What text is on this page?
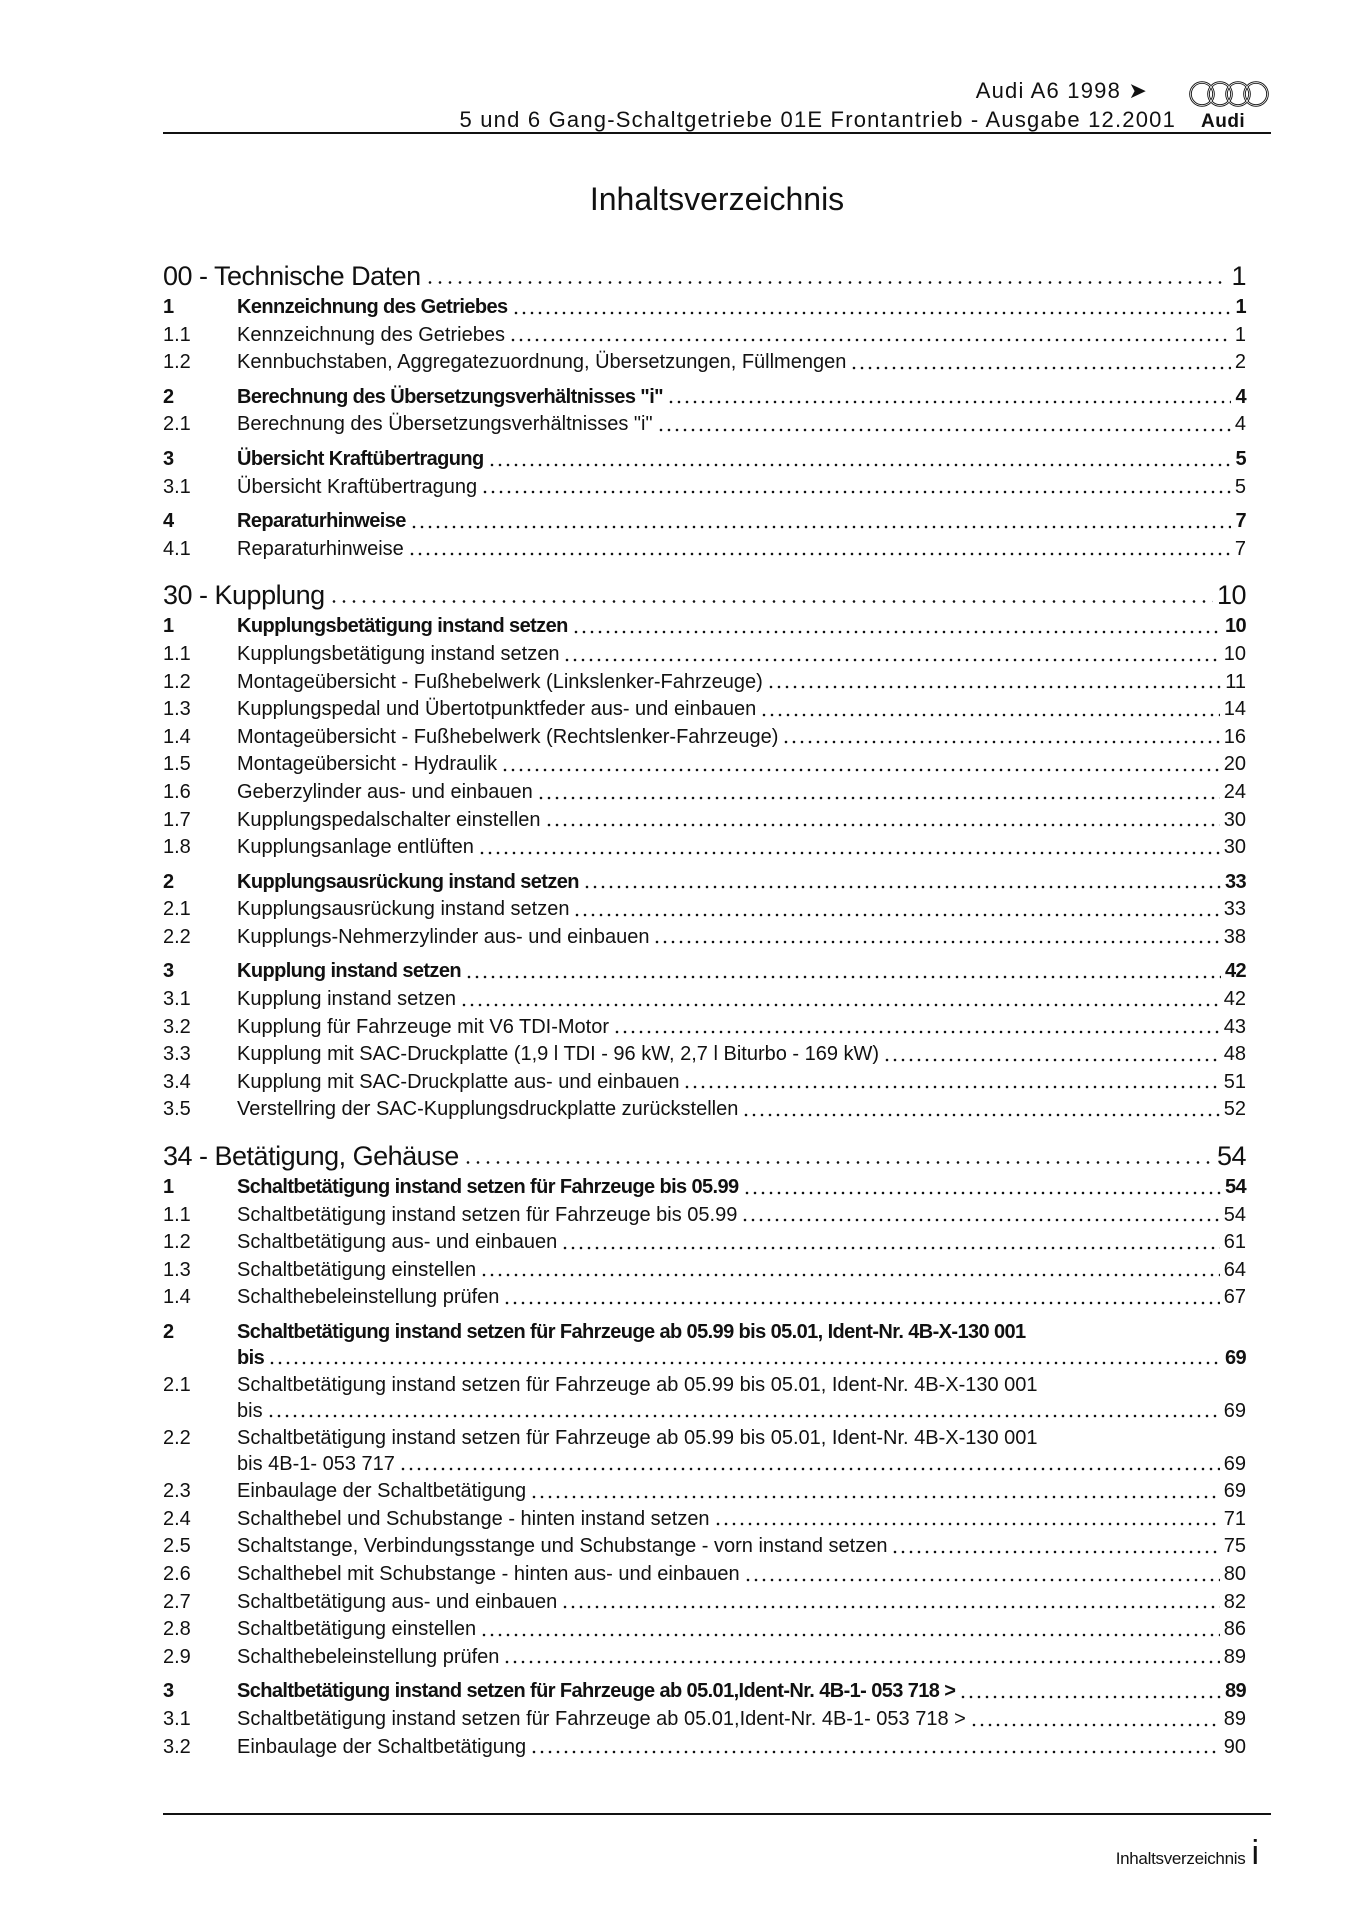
Audi A6 1998 ➤
5 und 6 Gang-Schaltgetriebe 01E Frontantrieb - Ausgabe 12.2001 Audi
Inhaltsverzeichnis
00 - Technische Daten	1
1	Kennzeichnung des Getriebes	1
1.1	Kennzeichnung des Getriebes	1
1.2	Kennbuchstaben, Aggregatezuordnung, Übersetzungen, Füllmengen	2
2	Berechnung des Übersetzungsverhältnisses "i"	4
2.1	Berechnung des Übersetzungsverhältnisses "i"	4
3	Übersicht Kraftübertragung	5
3.1	Übersicht Kraftübertragung	5
4	Reparaturhinweise	7
4.1	Reparaturhinweise	7
30 - Kupplung	10
1	Kupplungsbetätigung instand setzen	10
1.1	Kupplungsbetätigung instand setzen	10
1.2	Montageübersicht - Fußhebelwerk (Linkslenker-Fahrzeuge)	11
1.3	Kupplungspedal und Übertotpunktfeder aus- und einbauen	14
1.4	Montageübersicht - Fußhebelwerk (Rechtslenker-Fahrzeuge)	16
1.5	Montageübersicht - Hydraulik	20
1.6	Geberzylinder aus- und einbauen	24
1.7	Kupplungspedalschalter einstellen	30
1.8	Kupplungsanlage entlüften	30
2	Kupplungsausrückung instand setzen	33
2.1	Kupplungsausrückung instand setzen	33
2.2	Kupplungs-Nehmerzylinder aus- und einbauen	38
3	Kupplung instand setzen	42
3.1	Kupplung instand setzen	42
3.2	Kupplung für Fahrzeuge mit V6 TDI-Motor	43
3.3	Kupplung mit SAC-Druckplatte (1,9 l TDI - 96 kW, 2,7 l Biturbo - 169 kW)	48
3.4	Kupplung mit SAC-Druckplatte aus- und einbauen	51
3.5	Verstellring der SAC-Kupplungsdruckplatte zurückstellen	52
34 - Betätigung, Gehäuse	54
1	Schaltbetätigung instand setzen für Fahrzeuge bis 05.99	54
1.1	Schaltbetätigung instand setzen für Fahrzeuge bis 05.99	54
1.2	Schaltbetätigung aus- und einbauen	61
1.3	Schaltbetätigung einstellen	64
1.4	Schalthebeleinstellung prüfen	67
2	Schaltbetätigung instand setzen für Fahrzeuge ab 05.99 bis 05.01, Ident-Nr. 4B-X-130 001
bis	69
2.1	Schaltbetätigung instand setzen für Fahrzeuge ab 05.99 bis 05.01, Ident-Nr. 4B-X-130 001
bis	69
2.2	Schaltbetätigung instand setzen für Fahrzeuge ab 05.99 bis 05.01, Ident-Nr. 4B-X-130 001
bis 4B-1- 053 717	69
2.3	Einbaulage der Schaltbetätigung	69
2.4	Schalthebel und Schubstange - hinten instand setzen	71
2.5	Schaltstange, Verbindungsstange und Schubstange - vorn instand setzen	75
2.6	Schalthebel mit Schubstange - hinten aus- und einbauen	80
2.7	Schaltbetätigung aus- und einbauen	82
2.8	Schaltbetätigung einstellen	86
2.9	Schalthebeleinstellung prüfen	89
3	Schaltbetätigung instand setzen für Fahrzeuge ab 05.01,Ident-Nr. 4B-1- 053 718 >	89
3.1	Schaltbetätigung instand setzen für Fahrzeuge ab 05.01,Ident-Nr. 4B-1- 053 718 >	89
3.2	Einbaulage der Schaltbetätigung	90
Inhaltsverzeichnis i
